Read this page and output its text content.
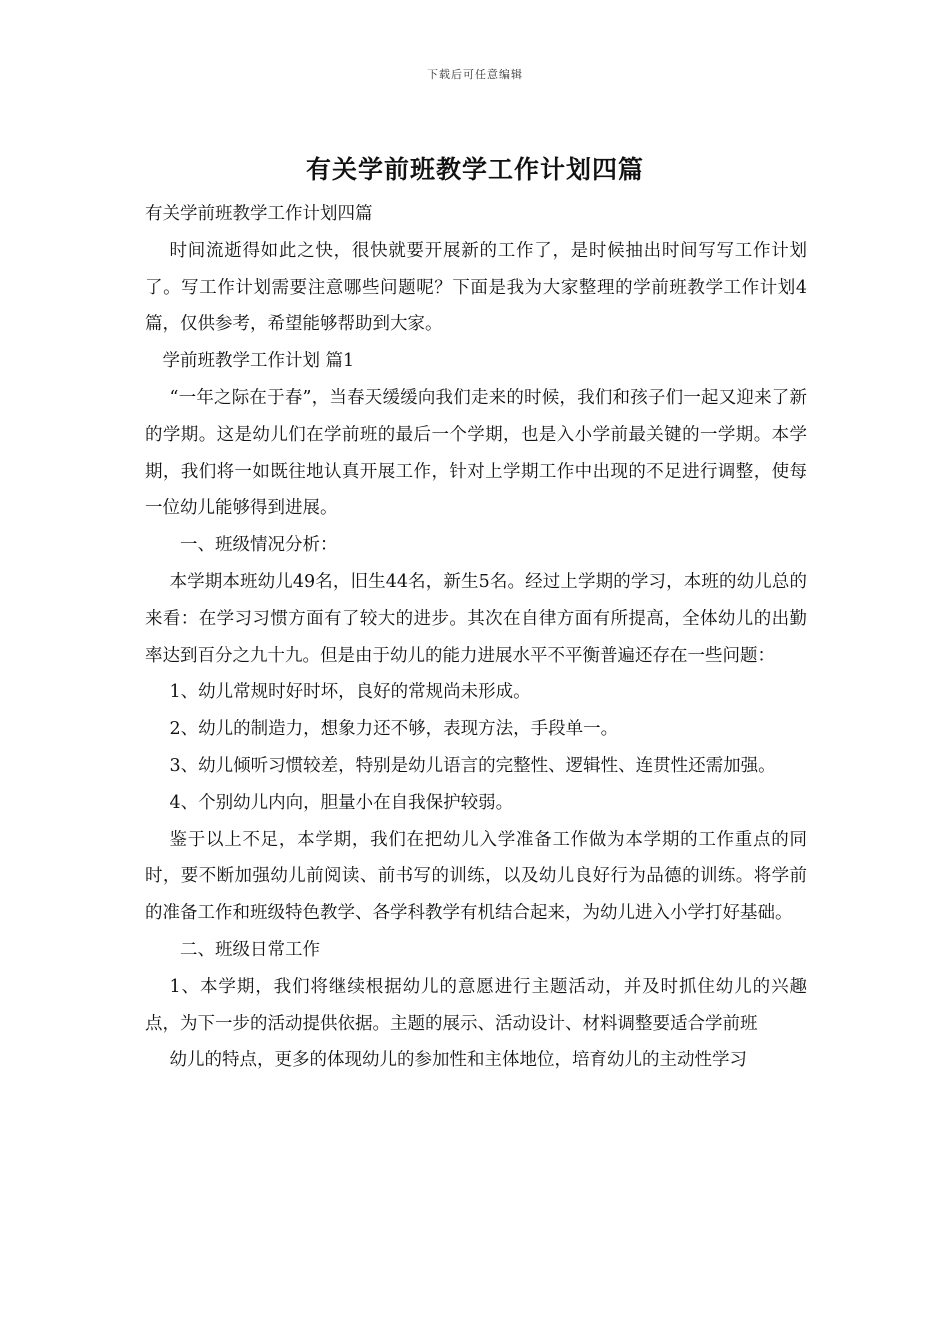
下载后可任意编辑
有关学前班教学工作计划四篇

有关学前班教学工作计划四篇

时间流逝得如此之快，很快就要开展新的工作了，是时候抽出时间写写工作计划了。写工作计划需要注意哪些问题呢？下面是我为大家整理的学前班教学工作计划4篇，仅供参考，希望能够帮助到大家。

学前班教学工作计划 篇1

“一年之际在于春”，当春天缓缓向我们走来的时候，我们和孩子们一起又迎来了新的学期。这是幼儿们在学前班的最后一个学期，也是入小学前最关键的一学期。本学期，我们将一如既往地认真开展工作，针对上学期工作中出现的不足进行调整，使每一位幼儿能够得到进展。

一、班级情况分析：

本学期本班幼儿49名，旧生44名，新生5名。经过上学期的学习，本班的幼儿总的来看：在学习习惯方面有了较大的进步。其次在自律方面有所提高，全体幼儿的出勤率达到百分之九十九。但是由于幼儿的能力进展水平不平衡普遍还存在一些问题：

1、幼儿常规时好时坏，良好的常规尚未形成。

2、幼儿的制造力，想象力还不够，表现方法，手段单一。

3、幼儿倾听习惯较差，特别是幼儿语言的完整性、逻辑性、连贯性还需加强。

4、个别幼儿内向，胆量小在自我保护较弱。

鉴于以上不足，本学期，我们在把幼儿入学准备工作做为本学期的工作重点的同时，要不断加强幼儿前阅读、前书写的训练，以及幼儿良好行为品德的训练。将学前的准备工作和班级特色教学、各学科教学有机结合起来，为幼儿进入小学打好基础。

二、班级日常工作

1、本学期，我们将继续根据幼儿的意愿进行主题活动，并及时抓住幼儿的兴趣点，为下一步的活动提供依据。主题的展示、活动设计、材料调整要适合学前班

幼儿的特点，更多的体现幼儿的参加性和主体地位，培育幼儿的主动性学习
